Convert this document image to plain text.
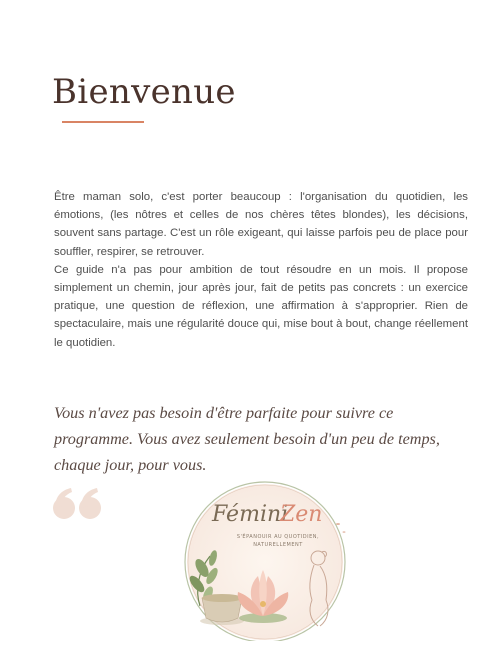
Bienvenue

Être maman solo, c'est porter beaucoup : l'organisation du quotidien, les émotions, (les nôtres et celles de nos chères têtes blondes), les décisions, souvent sans partage. C'est un rôle exigeant, qui laisse parfois peu de place pour souffler, respirer, se retrouver.

Ce guide n'a pas pour ambition de tout résoudre en un mois. Il propose simplement un chemin, jour après jour, fait de petits pas concrets : un exercice pratique, une question de réflexion, une affirmation à s'approprier. Rien de spectaculaire, mais une régularité douce qui, mise bout à bout, change réellement le quotidien.

Vous n'avez pas besoin d'être parfaite pour suivre ce programme. Vous avez seulement besoin d'un peu de temps, chaque jour, pour vous.

Fémini
Zen
S'ÉPANOUIR AU QUOTIDIEN,
NATURELLEMENT
